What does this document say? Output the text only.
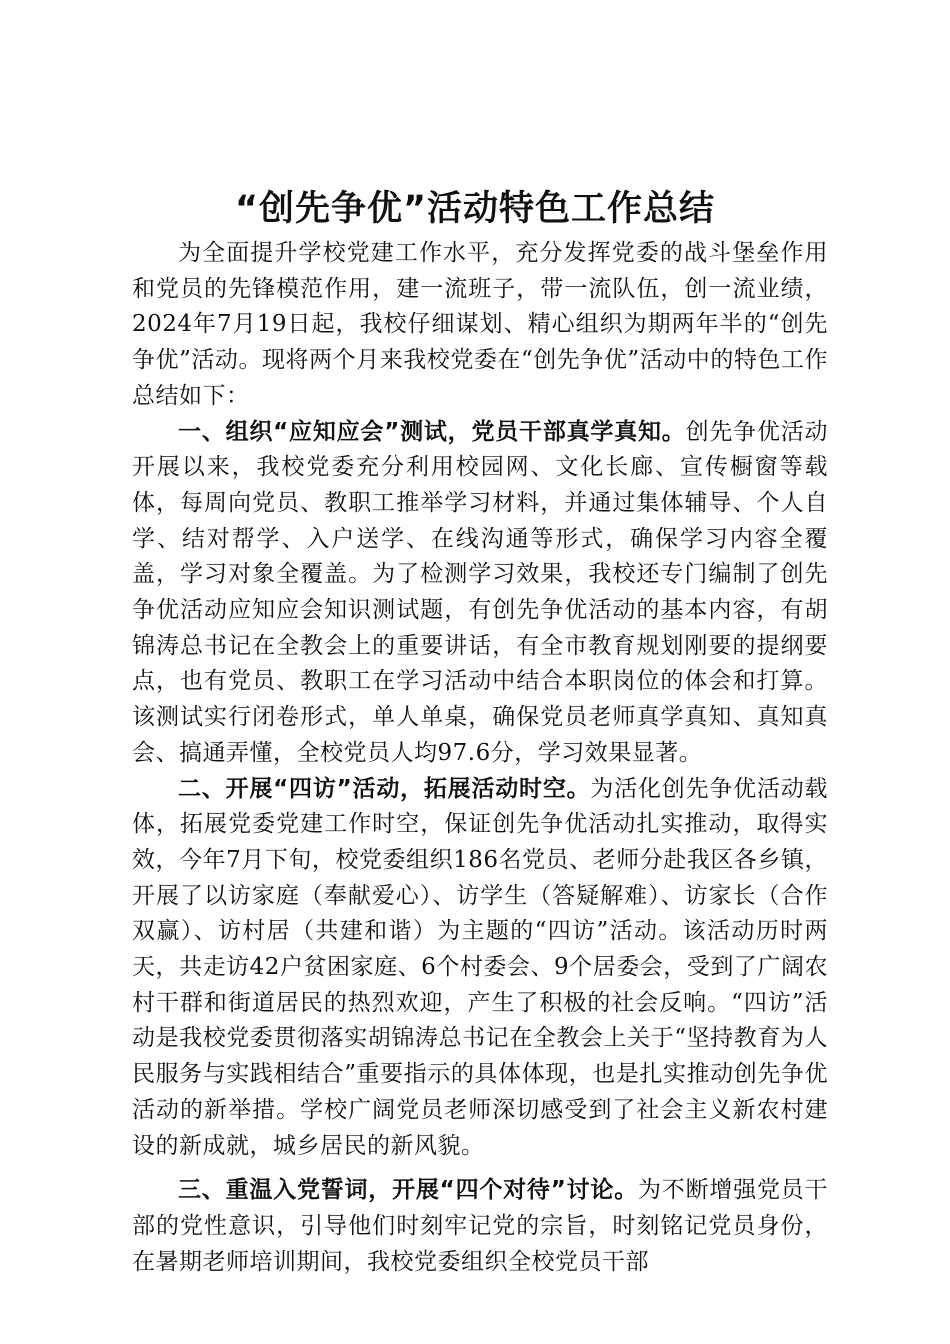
“创先争优”活动特色工作总结

为全面提升学校党建工作水平，充分发挥党委的战斗堡垒作用和党员的先锋模范作用，建一流班子，带一流队伍，创一流业绩，2024年7月19日起，我校仔细谋划、精心组织为期两年半的“创先争优”活动。现将两个月来我校党委在“创先争优”活动中的特色工作总结如下：

一、组织“应知应会”测试，党员干部真学真知。创先争优活动开展以来，我校党委充分利用校园网、文化长廊、宣传橱窗等载体，每周向党员、教职工推举学习材料，并通过集体辅导、个人自学、结对帮学、入户送学、在线沟通等形式，确保学习内容全覆盖，学习对象全覆盖。为了检测学习效果，我校还专门编制了创先争优活动应知应会知识测试题，有创先争优活动的基本内容，有胡锦涛总书记在全教会上的重要讲话，有全市教育规划刚要的提纲要点，也有党员、教职工在学习活动中结合本职岗位的体会和打算。该测试实行闭卷形式，单人单桌，确保党员老师真学真知、真知真会、搞通弄懂，全校党员人均97.6分，学习效果显著。

二、开展“四访”活动，拓展活动时空。为活化创先争优活动载体，拓展党委党建工作时空，保证创先争优活动扎实推动，取得实效，今年7月下旬，校党委组织186名党员、老师分赴我区各乡镇，开展了以访家庭（奉献爱心）、访学生（答疑解难）、访家长（合作双赢）、访村居（共建和谐）为主题的“四访”活动。该活动历时两天，共走访42户贫困家庭、6个村委会、9个居委会，受到了广阔农村干群和街道居民的热烈欢迎，产生了积极的社会反响。“四访”活动是我校党委贯彻落实胡锦涛总书记在全教会上关于“坚持教育为人民服务与实践相结合”重要指示的具体体现，也是扎实推动创先争优活动的新举措。学校广阔党员老师深切感受到了社会主义新农村建设的新成就，城乡居民的新风貌。

三、重温入党誓词，开展“四个对待”讨论。为不断增强党员干部的党性意识，引导他们时刻牢记党的宗旨，时刻铭记党员身份，在暑期老师培训期间，我校党委组织全校党员干部
